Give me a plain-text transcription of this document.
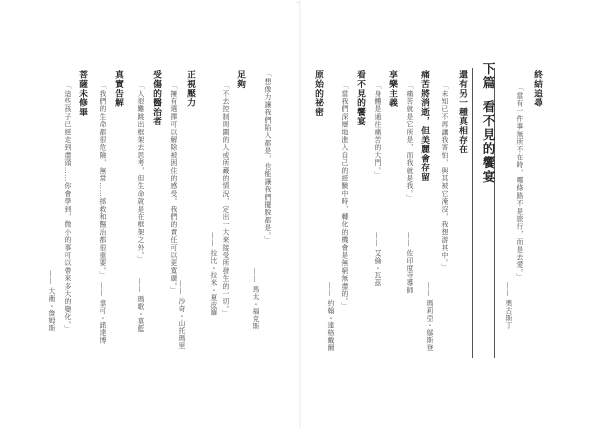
·
「想像力讓我們陷入都是，也能讓我們擺脫都是。」
—— 馬太・福克斯
足夠
「不去控制周圍的人或所藏的情況，定出一大來接受所發生的一切。」
—— 拉比・拉米・夏皮羅
正視壓力
「擁有選擇可以解除被困住的感受。我們的責任可以更寬廣。」
—— 沙奇・山托瑪里
受傷的醫治者
「人很難跳出框架去思考，但生命就是在框架之外。」
—— 瑪歌・莫藍
真實告解
「我們的生命都很危險，無常……拯救和醫治都很重要。」
—— 拿可・諾達博
菩薩未修畢
「這些孩子已經走到盡頭……你會學到，微小的事可以帶來多大的變化。」
—— 大衛・詹姆斯
終結追尋
「當有一件事無所不在時，哪條路不是旅行，而是去愛。」
—— 奧古斯丁
下篇
看不見的饗宴
還有另一種真相存在
「未知已不再讓我害怕，與其被它淹沒，我想游其中。」
—— 瑪莉亞・鄔斯登
痛苦將消逝，但美麗會存留
「痛苦就是它所是，而我就是我。」
—— 佐印度寺導師
享樂主義
「身體是通往痛苦的大門。」
—— 艾倫・瓦茲
看不見的饗宴
「當我們深層地進入自己的經驗中時，轉化的機會是無窮無盡的。」
—— 約翰・達格戴爾
原始的祕密
